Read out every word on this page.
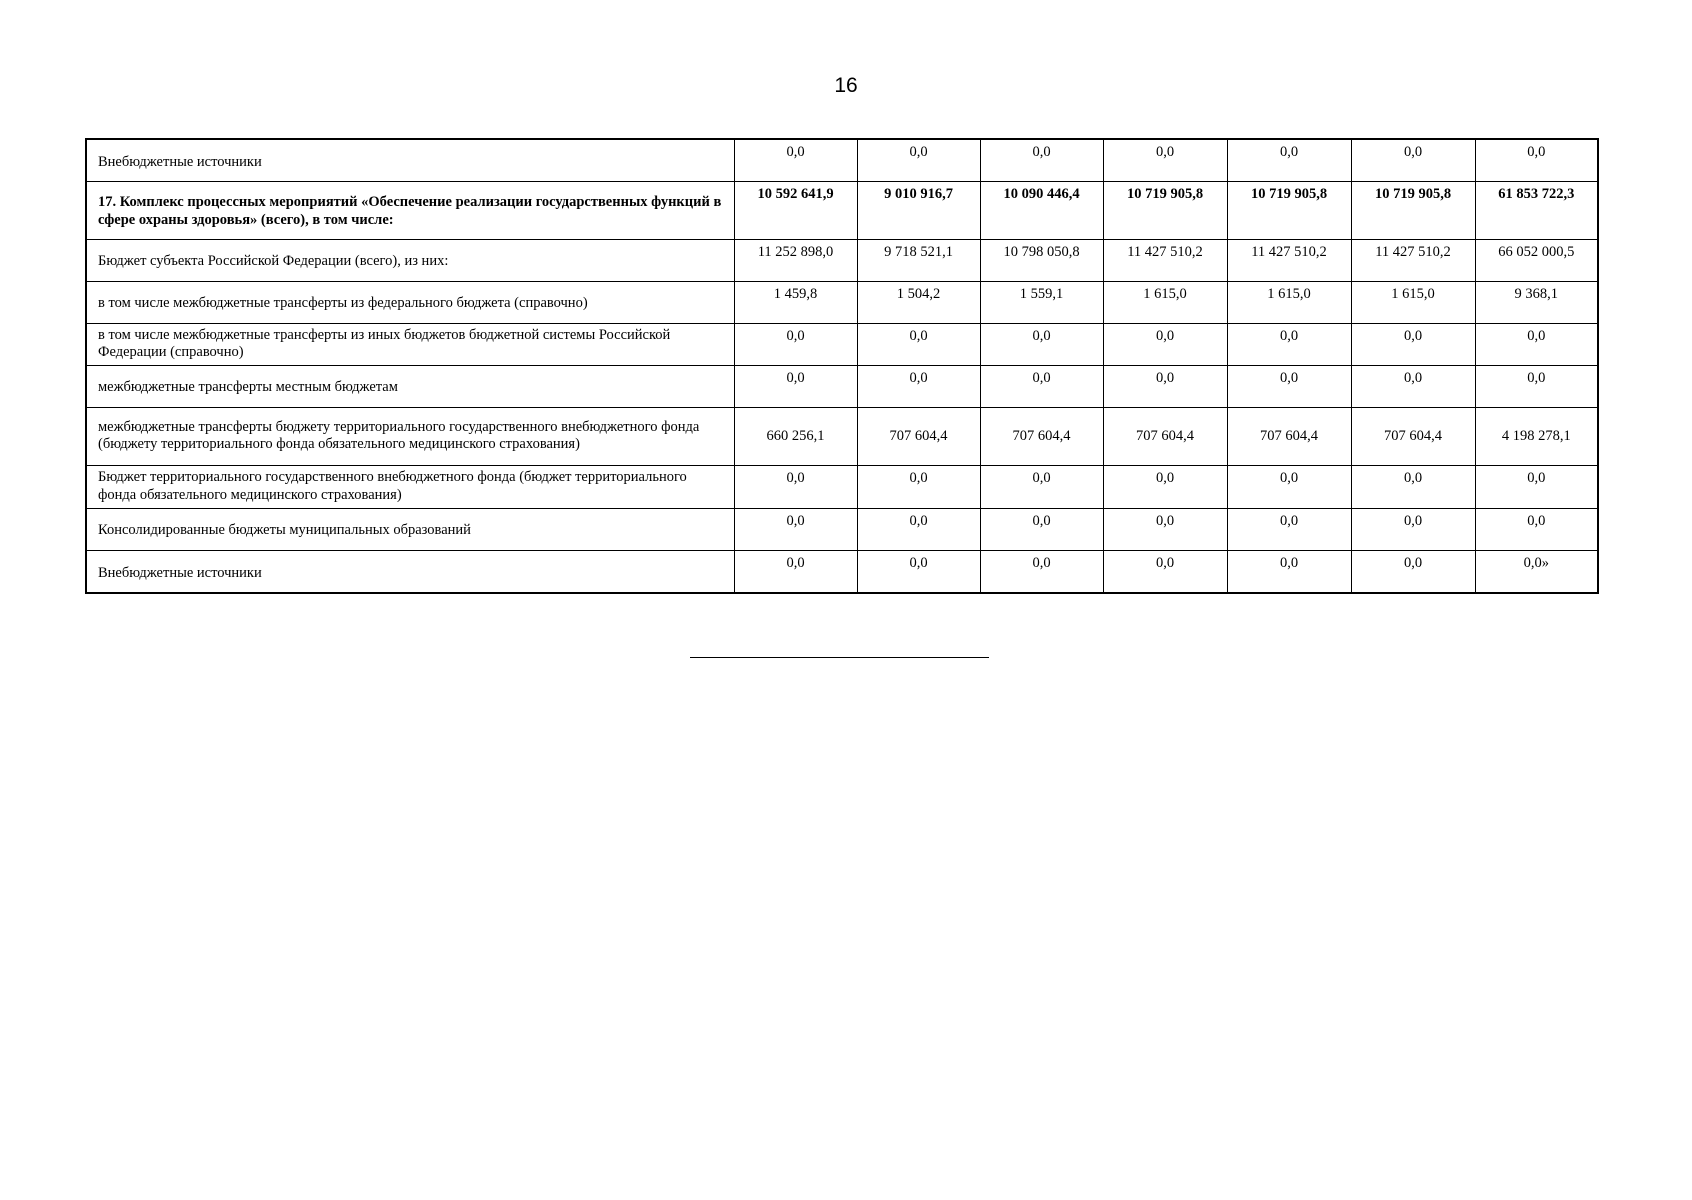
16
Внебюджетные источники	0,0	0,0	0,0	0,0	0,0	0,0	0,0
17. Комплекс процессных мероприятий «Обеспечение реализации государственных функций в сфере охраны здоровья» (всего), в том числе:	10 592 641,9	9 010 916,7	10 090 446,4	10 719 905,8	10 719 905,8	10 719 905,8	61 853 722,3
Бюджет субъекта Российской Федерации (всего), из них:	11 252 898,0	9 718 521,1	10 798 050,8	11 427 510,2	11 427 510,2	11 427 510,2	66 052 000,5
в том числе межбюджетные трансферты из федерального бюджета (справочно)	1 459,8	1 504,2	1 559,1	1 615,0	1 615,0	1 615,0	9 368,1
в том числе межбюджетные трансферты из иных бюджетов бюджетной системы Российской Федерации (справочно)	0,0	0,0	0,0	0,0	0,0	0,0	0,0
межбюджетные трансферты местным бюджетам	0,0	0,0	0,0	0,0	0,0	0,0	0,0
межбюджетные трансферты бюджету территориального государственного внебюджетного фонда (бюджету территориального фонда обязательного медицинского страхования)	660 256,1	707 604,4	707 604,4	707 604,4	707 604,4	707 604,4	4 198 278,1
Бюджет территориального государственного внебюджетного фонда (бюджет территориального фонда обязательного медицинского страхования)	0,0	0,0	0,0	0,0	0,0	0,0	0,0
Консолидированные бюджеты муниципальных образований	0,0	0,0	0,0	0,0	0,0	0,0	0,0
Внебюджетные источники	0,0	0,0	0,0	0,0	0,0	0,0	0,0»
